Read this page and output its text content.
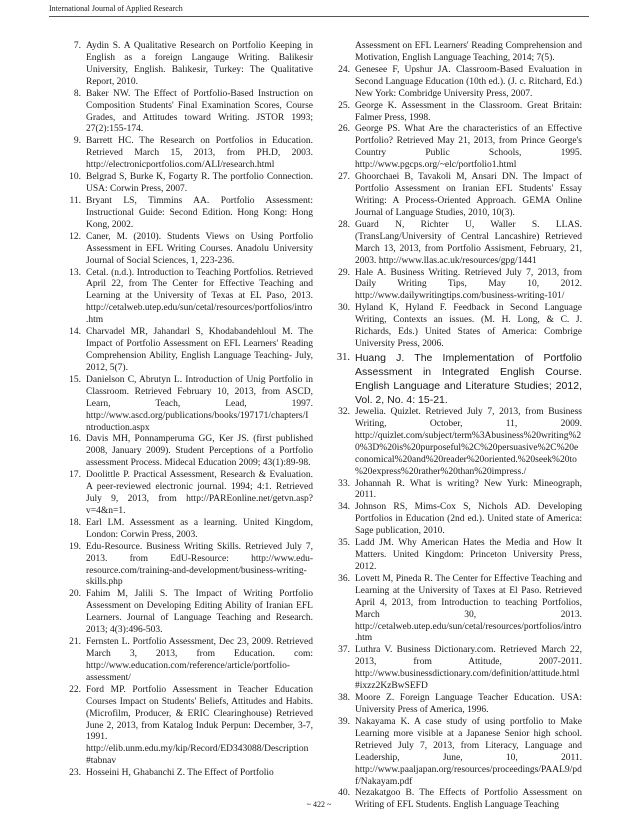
International Journal of Applied Research
7. Aydin S. A Qualitative Research on Portfolio Keeping in English as a foreign Langauge Writing. Balikesir University, English. Balıkesir, Turkey: The Qualitative Report, 2010.
8. Baker NW. The Effect of Portfolio-Based Instruction on Composition Students' Final Examination Scores, Course Grades, and Attitudes toward Writing. JSTOR 1993; 27(2):155-174.
9. Barrett HC. The Research on Portfolios in Education. Retrieved March 15, 2013, from PH.D, 2003. http://electronicportfolios.com/ALI/research.html
10. Belgrad S, Burke K, Fogarty R. The portfolio Connection. USA: Corwin Press, 2007.
11. Bryant LS, Timmins AA. Portfolio Assessment: Instructional Guide: Second Edition. Hong Kong: Hong Kong, 2002.
12. Caner, M. (2010). Students Views on Using Portfolio Assessment in EFL Writing Courses. Anadolu University Journal of Social Sciences, 1, 223-236.
13. Cetal. (n.d.). Introduction to Teaching Portfolios. Retrieved April 22, from The Center for Effective Teaching and Learning at the University of Texas at EL Paso, 2013. http://cetalweb.utep.edu/sun/cetal/resources/portfolios/intro.htm
14. Charvadel MR, Jahandarl S, Khodabandehloul M. The Impact of Portfolio Assessment on EFL Learners' Reading Comprehension Ability, English Language Teaching- July, 2012, 5(7).
15. Danielson C, Abrutyn L. Introduction of Unig Portfolio in Classroom. Retrieved February 10, 2013, from ASCD, Learn, Teach, Lead, 1997. http://www.ascd.org/publications/books/197171/chapters/Introduction.aspx
16. Davis MH, Ponnamperuma GG, Ker JS. (first published 2008, January 2009). Student Perceptions of a Portfolio assessment Process. Midecal Education 2009; 43(1):89-98.
17. Doolittle P. Practical Assessment, Research & Evaluation. A peer-reviewed electronic journal. 1994; 4:1. Retrieved July 9, 2013, from http://PAREonline.net/getvn.asp?v=4&n=1.
18. Earl LM. Assessment as a learning. United Kingdom, London: Corwin Press, 2003.
19. Edu-Resource. Business Writing Skills. Retrieved July 7, 2013. from EdU-Resource: http://www.edu-resource.com/training-and-development/business-writing-skills.php
20. Fahim M, Jalili S. The Impact of Writing Portfolio Assessment on Developing Editing Ability of Iranian EFL Learners. Journal of Language Teaching and Research. 2013; 4(3):496-503.
21. Fernsten L. Portfolio Assessment, Dec 23, 2009. Retrieved March 3, 2013, from Education. com: http://www.education.com/reference/article/portfolio-assessment/
22. Ford MP. Portfolio Assessment in Teacher Education Courses Impact on Students' Beliefs, Attitudes and Habits. (Microfilm, Producer, & ERIC Clearinghouse) Retrieved June 2, 2013, from Katalog Induk Perpun: December, 3-7, 1991. http://elib.unm.edu.my/kip/Record/ED343088/Description#tabnav
23. Hosseini H, Ghabanchi Z. The Effect of Portfolio
Assessment on EFL Learners' Reading Comprehension and Motivation, English Language Teaching, 2014; 7(5).
24. Genesee F, Upshur JA. Classroom-Based Evaluation in Second Language Education (10th ed.). (J. c. Ritchard, Ed.) New York: Combridge University Press, 2007.
25. George K. Assessment in the Classroom. Great Britain: Falmer Press, 1998.
26. George PS. What Are the characteristics of an Effective Portfolio? Retrieved May 21, 2013, from Prince George's Country Public Schools, 1995. http://www.pgcps.org/~elc/portfolio1.html
27. Ghoorchaei B, Tavakoli M, Ansari DN. The Impact of Portfolio Assessment on Iranian EFL Students' Essay Writing: A Process-Oriented Approach. GEMA Online Journal of Language Studies, 2010, 10(3).
28. Guard N, Richter U, Waller S. LLAS. (TransLang/University of Central Lancashire) Retrieved March 13, 2013, from Portfolio Assisment, February, 21, 2003. http://www.llas.ac.uk/resources/gpg/1441
29. Hale A. Business Writing. Retrieved July 7, 2013, from Daily Writing Tips, May 10, 2012. http://www.dailywritingtips.com/business-writing-101/
30. Hyland K, Hyland F. Feedback in Second Language Writing, Contexts an issues. (M. H. Long, & C. J. Richards, Eds.) United States of America: Combrige University Press, 2006.
31. Huang J. The Implementation of Portfolio Assessment in Integrated English Course. English Language and Literature Studies; 2012, Vol. 2, No. 4: 15-21.
32. Jewelia. Quizlet. Retrieved July 7, 2013, from Business Writing, October, 11, 2009. http://quizlet.com/subject/term%3Abusiness%20writing%20%3D%20is%20purposeful%2C%20persuasive%2C%20economical%20and%20reader%20oriented.%20seek%20to%20express%20rather%20than%20impress./
33. Johannah R. What is writing? New Yurk: Mineograph, 2011.
34. Johnson RS, Mims-Cox S, Nichols AD. Developing Portfolios in Education (2nd ed.). United state of America: Sage publication, 2010.
35. Ladd JM. Why American Hates the Media and How It Matters. United Kingdom: Princeton University Press, 2012.
36. Lovett M, Pineda R. The Center for Effective Teaching and Learning at the University of Taxes at El Paso. Retrieved April 4, 2013, from Introduction to teaching Portfolios, March 30, 2013. http://cetalweb.utep.edu/sun/cetal/resources/portfolios/intro.htm
37. Luthra V. Business Dictionary.com. Retrieved March 22, 2013, from Attitude, 2007-2011. http://www.businessdictionary.com/definition/attitude.html#ixzz2KzBwSEFD
38. Moore Z. Foreign Language Teacher Education. USA: University Press of America, 1996.
39. Nakayama K. A case study of using portfolio to Make Learning more visible at a Japanese Senior high school. Retrieved July 7, 2013, from Literacy, Language and Leadership, June, 10, 2011. http://www.paaljapan.org/resources/proceedings/PAAL9/pdf/Nakayam.pdf
40. Nezakatgoo B. The Effects of Portfolio Assessment on Writing of EFL Students. English Language Teaching
~ 422 ~
